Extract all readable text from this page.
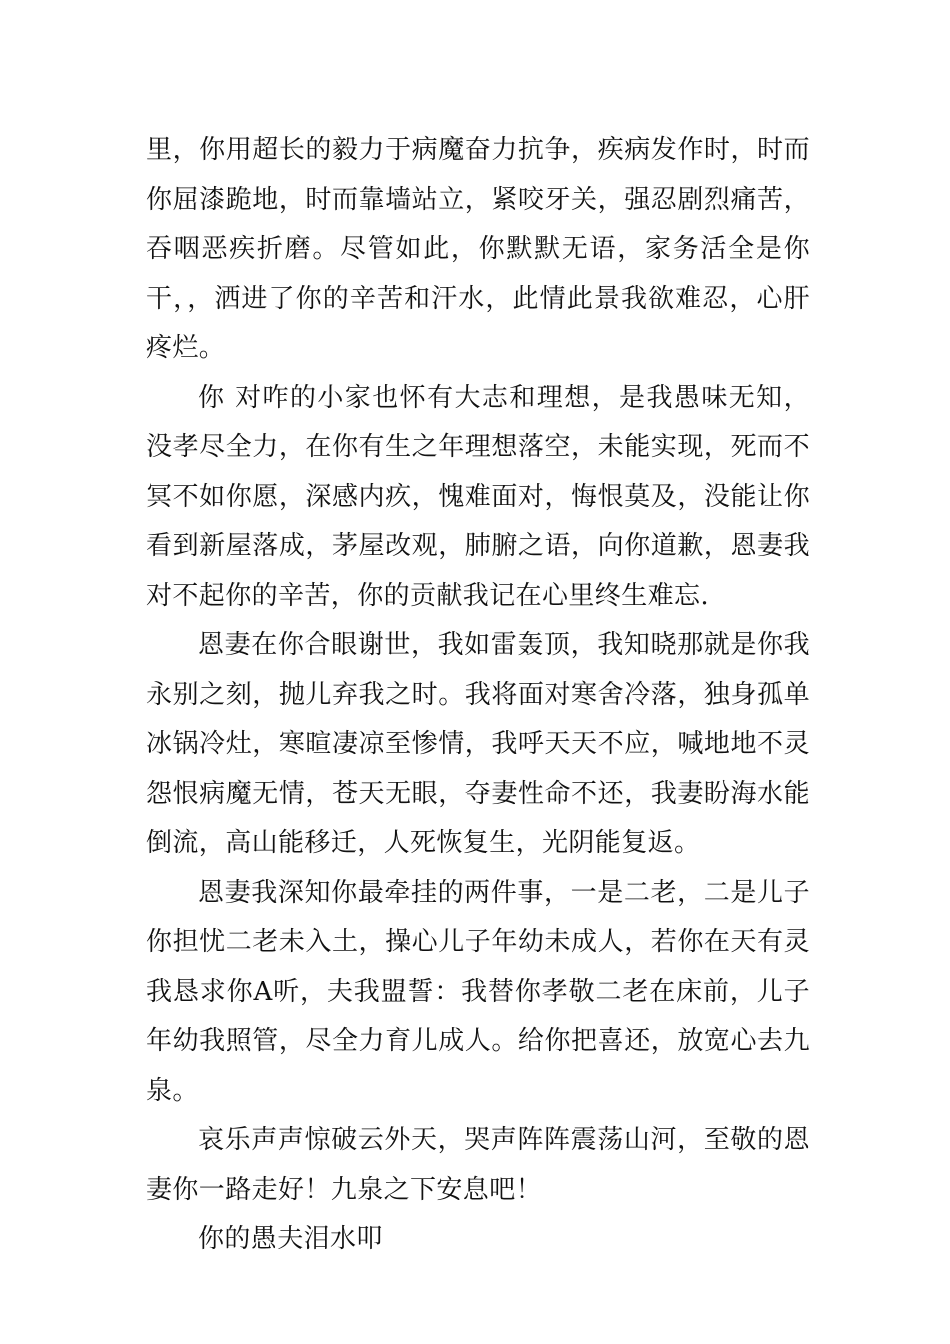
里，你用超长的毅力于病魔奋力抗争，疾病发作时，时而你屈漆跪地，时而靠墙站立，紧咬牙关，强忍剧烈痛苦，吞咽恶疾折磨。尽管如此，你默默无语，家务活全是你干，，洒进了你的辛苦和汗水，此情此景我欲难忍，心肝疼烂。

你 对咋的小家也怀有大志和理想，是我愚味无知，没孝尽全力，在你有生之年理想落空，未能实现，死而不冥不如你愿，深感内疚，愧难面对，悔恨莫及，没能让你看到新屋落成，茅屋改观，肺腑之语，向你道歉，恩妻我对不起你的辛苦，你的贡献我记在心里终生难忘.

恩妻在你合眼谢世，我如雷轰顶，我知晓那就是你我永别之刻，抛儿弃我之时。我将面对寒舍冷落，独身孤单冰锅冷灶，寒暄凄凉至惨情，我呼天天不应，喊地地不灵怨恨病魔无情，苍天无眼，夺妻性命不还，我妻盼海水能倒流，高山能移迁，人死恢复生，光阴能复返。

恩妻我深知你最牵挂的两件事，一是二老，二是儿子你担忧二老未入土，操心儿子年幼未成人，若你在天有灵我恳求你A听，夫我盟誓：我替你孝敬二老在床前，儿子年幼我照管，尽全力育儿成人。给你把喜还，放宽心去九泉。

哀乐声声惊破云外天，哭声阵阵震荡山河，至敬的恩妻你一路走好！九泉之下安息吧！

你的愚夫泪水叩
